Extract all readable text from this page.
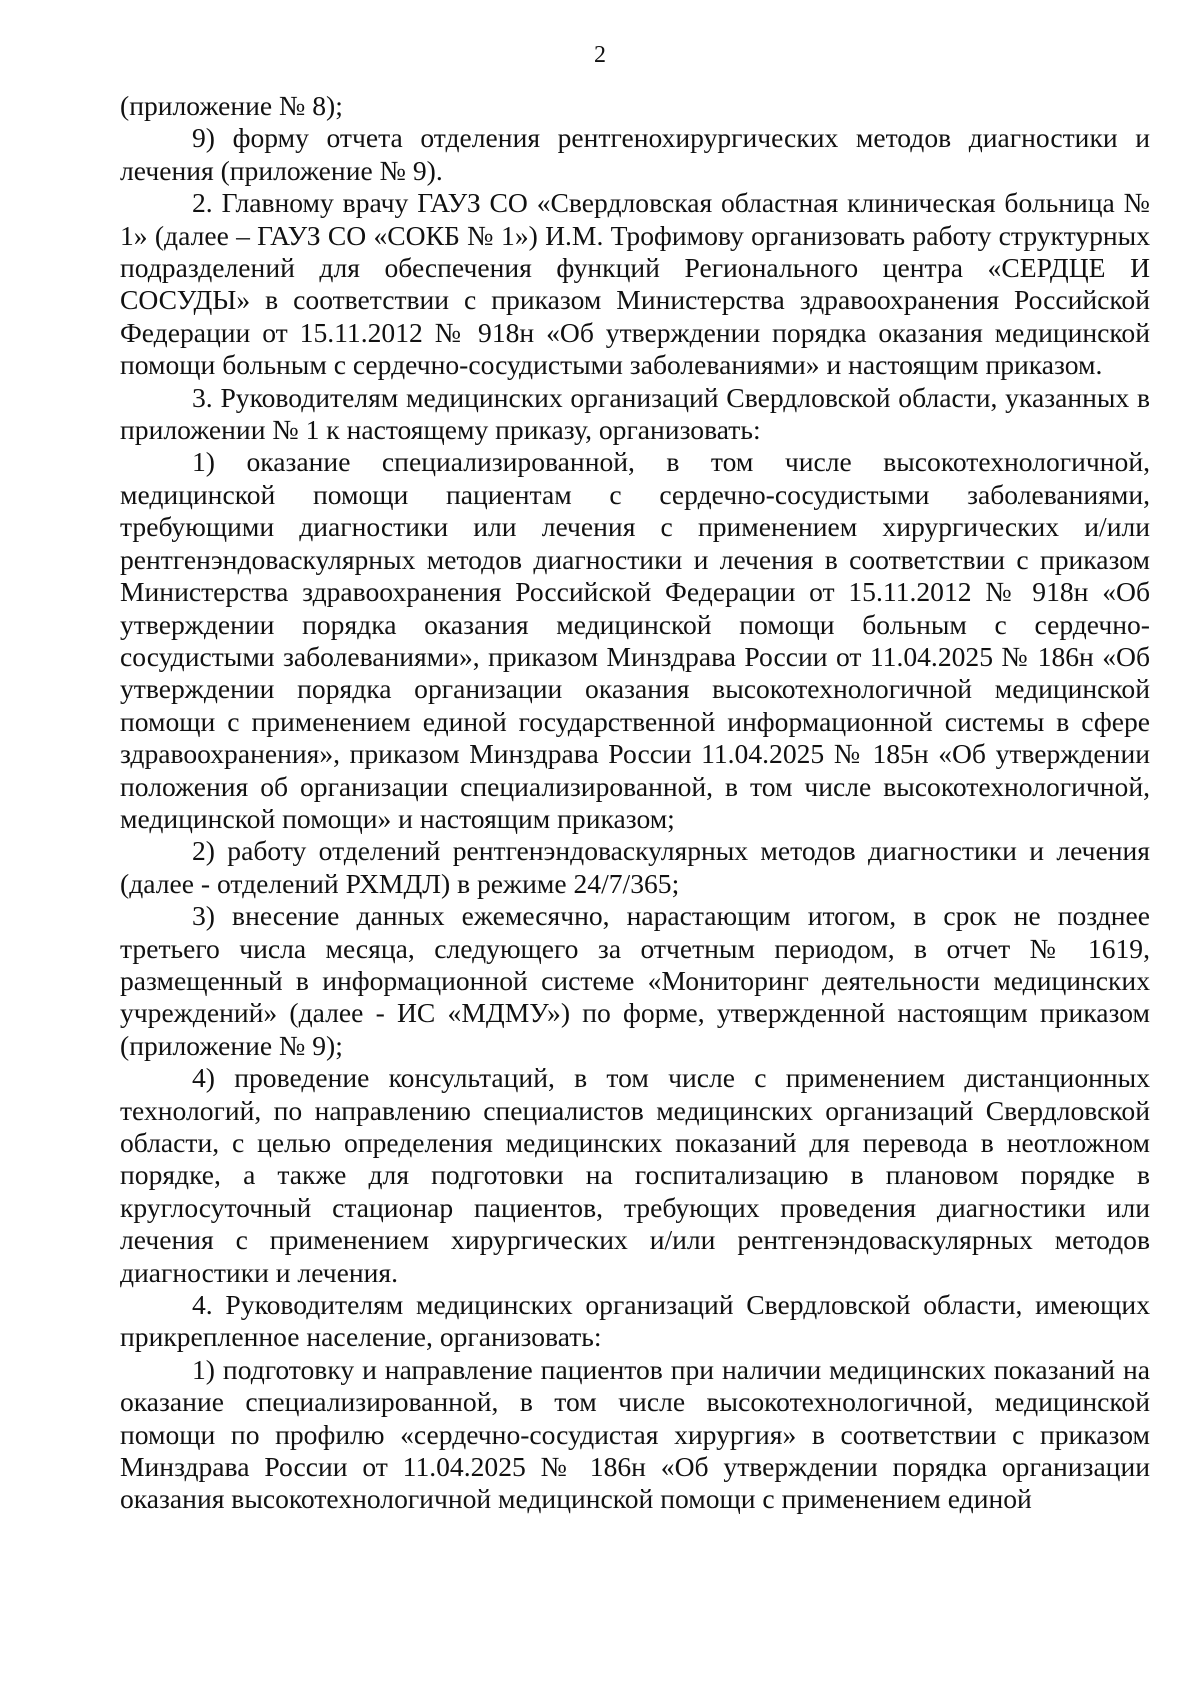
2

(приложение № 8);

9) форму отчета отделения рентгенохирургических методов диагностики и лечения (приложение № 9).

2. Главному врачу ГАУЗ СО «Свердловская областная клиническая больница № 1» (далее – ГАУЗ СО «СОКБ № 1») И.М. Трофимову организовать работу структурных подразделений для обеспечения функций Регионального центра «СЕРДЦЕ И СОСУДЫ» в соответствии с приказом Министерства здравоохранения Российской Федерации от 15.11.2012 № 918н «Об утверждении порядка оказания медицинской помощи больным с сердечно-сосудистыми заболеваниями» и настоящим приказом.

3. Руководителям медицинских организаций Свердловской области, указанных в приложении № 1 к настоящему приказу, организовать:

1) оказание специализированной, в том числе высокотехнологичной, медицинской помощи пациентам с сердечно-сосудистыми заболеваниями, требующими диагностики или лечения с применением хирургических и/или рентгенэндоваскулярных методов диагностики и лечения в соответствии с приказом Министерства здравоохранения Российской Федерации от 15.11.2012 № 918н «Об утверждении порядка оказания медицинской помощи больным с сердечно-сосудистыми заболеваниями», приказом Минздрава России от 11.04.2025 № 186н «Об утверждении порядка организации оказания высокотехнологичной медицинской помощи с применением единой государственной информационной системы в сфере здравоохранения», приказом Минздрава России 11.04.2025 № 185н «Об утверждении положения об организации специализированной, в том числе высокотехнологичной, медицинской помощи» и настоящим приказом;

2) работу отделений рентгенэндоваскулярных методов диагностики и лечения (далее - отделений РХМДЛ) в режиме 24/7/365;

3) внесение данных ежемесячно, нарастающим итогом, в срок не позднее третьего числа месяца, следующего за отчетным периодом, в отчет № 1619, размещенный в информационной системе «Мониторинг деятельности медицинских учреждений» (далее - ИС «МДМУ») по форме, утвержденной настоящим приказом (приложение № 9);

4) проведение консультаций, в том числе с применением дистанционных технологий, по направлению специалистов медицинских организаций Свердловской области, с целью определения медицинских показаний для перевода в неотложном порядке, а также для подготовки на госпитализацию в плановом порядке в круглосуточный стационар пациентов, требующих проведения диагностики или лечения с применением хирургических и/или рентгенэндоваскулярных методов диагностики и лечения.

4. Руководителям медицинских организаций Свердловской области, имеющих прикрепленное население, организовать:

1) подготовку и направление пациентов при наличии медицинских показаний на оказание специализированной, в том числе высокотехнологичной, медицинской помощи по профилю «сердечно-сосудистая хирургия» в соответствии с приказом Минздрава России от 11.04.2025 № 186н «Об утверждении порядка организации оказания высокотехнологичной медицинской помощи с применением единой
